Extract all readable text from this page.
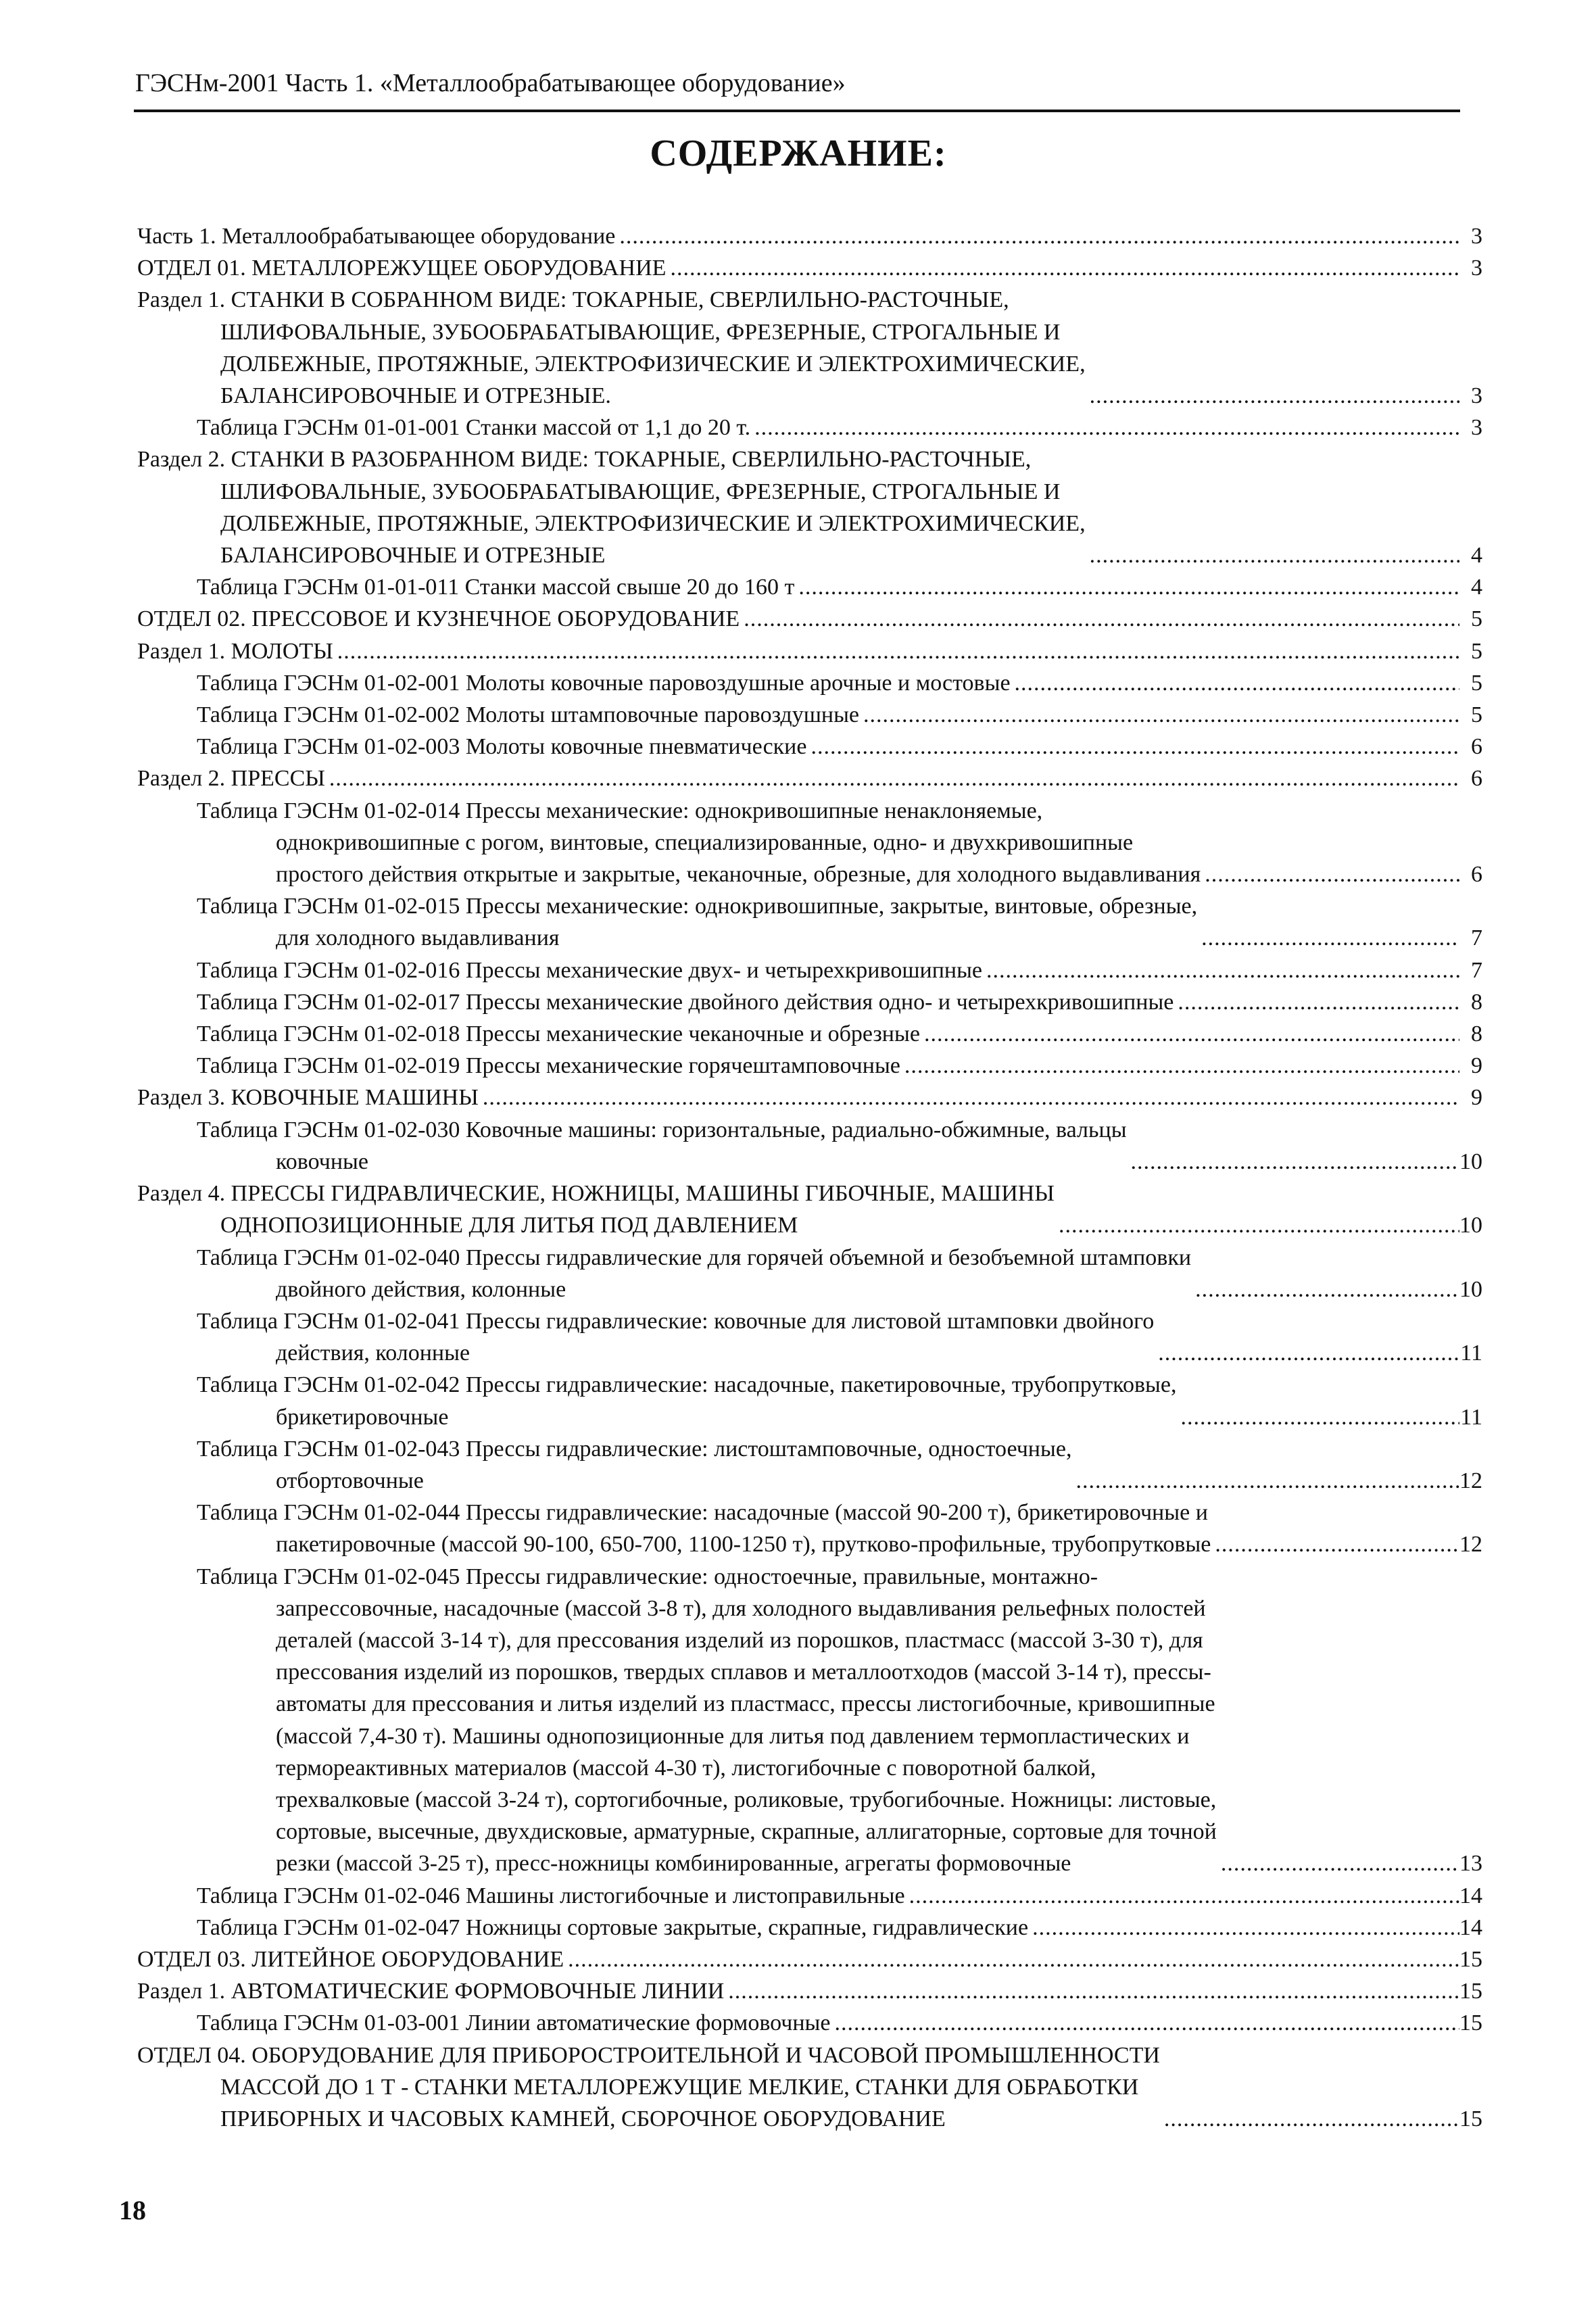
ГЭСНм-2001 Часть 1. «Металлообрабатывающее оборудование»
СОДЕРЖАНИЕ:
Часть 1. Металлообрабатывающее оборудование .....	3
ОТДЕЛ 01. МЕТАЛЛОРЕЖУЩЕЕ ОБОРУДОВАНИЕ .....	3
Раздел 1. СТАНКИ В СОБРАННОМ ВИДЕ: ТОКАРНЫЕ, СВЕРЛИЛЬНО-РАСТОЧНЫЕ,
ШЛИФОВАЛЬНЫЕ, ЗУБООБРАБАТЫВАЮЩИЕ, ФРЕЗЕРНЫЕ, СТРОГАЛЬНЫЕ И
ДОЛБЕЖНЫЕ, ПРОТЯЖНЫЕ, ЭЛЕКТРОФИЗИЧЕСКИЕ И ЭЛЕКТРОХИМИЧЕСКИЕ,
БАЛАНСИРОВОЧНЫЕ И ОТРЕЗНЫЕ. .....	3
Таблица ГЭСНм 01-01-001 Станки массой от 1,1 до 20 т. .....	3
Раздел 2. СТАНКИ В РАЗОБРАННОМ ВИДЕ: ТОКАРНЫЕ, СВЕРЛИЛЬНО-РАСТОЧНЫЕ,
ШЛИФОВАЛЬНЫЕ, ЗУБООБРАБАТЫВАЮЩИЕ, ФРЕЗЕРНЫЕ, СТРОГАЛЬНЫЕ И
ДОЛБЕЖНЫЕ, ПРОТЯЖНЫЕ, ЭЛЕКТРОФИЗИЧЕСКИЕ И ЭЛЕКТРОХИМИЧЕСКИЕ,
БАЛАНСИРОВОЧНЫЕ И ОТРЕЗНЫЕ .....	4
Таблица ГЭСНм 01-01-011 Станки массой свыше 20 до 160 т .....	4
ОТДЕЛ 02. ПРЕССОВОЕ И КУЗНЕЧНОЕ ОБОРУДОВАНИЕ .....	5
Раздел 1. МОЛОТЫ .....	5
Таблица ГЭСНм 01-02-001 Молоты ковочные паровоздушные арочные и мостовые .....	5
Таблица ГЭСНм 01-02-002 Молоты штамповочные паровоздушные .....	5
Таблица ГЭСНм 01-02-003 Молоты ковочные пневматические .....	6
Раздел 2. ПРЕССЫ .....	6
Таблица ГЭСНм 01-02-014 Прессы механические: однокривошипные ненаклоняемые,
однокривошипные с рогом, винтовые, специализированные, одно- и двухкривошипные
простого действия открытые и закрытые, чеканочные, обрезные, для холодного выдавливания .....	6
Таблица ГЭСНм 01-02-015 Прессы механические: однокривошипные, закрытые, винтовые, обрезные,
для холодного выдавливания .....	7
Таблица ГЭСНм 01-02-016 Прессы механические двух- и четырехкривошипные .....	7
Таблица ГЭСНм 01-02-017 Прессы механические двойного действия одно- и четырехкривошипные .....	8
Таблица ГЭСНм 01-02-018 Прессы механические чеканочные и обрезные .....	8
Таблица ГЭСНм 01-02-019 Прессы механические горячештамповочные .....	9
Раздел 3. КОВОЧНЫЕ МАШИНЫ .....	9
Таблица ГЭСНм 01-02-030 Ковочные машины: горизонтальные, радиально-обжимные, вальцы
ковочные .....	10
Раздел 4. ПРЕССЫ ГИДРАВЛИЧЕСКИЕ, НОЖНИЦЫ, МАШИНЫ ГИБОЧНЫЕ, МАШИНЫ
ОДНОПОЗИЦИОННЫЕ ДЛЯ ЛИТЬЯ ПОД ДАВЛЕНИЕМ .....	10
Таблица ГЭСНм 01-02-040 Прессы гидравлические для горячей объемной и безобъемной штамповки
двойного действия, колонные .....	10
Таблица ГЭСНм 01-02-041 Прессы гидравлические: ковочные для листовой штамповки двойного
действия, колонные .....	11
Таблица ГЭСНм 01-02-042 Прессы гидравлические: насадочные, пакетировочные, трубопрутковые,
брикетировочные .....	11
Таблица ГЭСНм 01-02-043 Прессы гидравлические: листоштамповочные, одностоечные,
отбортовочные .....	12
Таблица ГЭСНм 01-02-044 Прессы гидравлические: насадочные (массой 90-200 т), брикетировочные и
пакетировочные (массой 90-100, 650-700, 1100-1250 т), прутково-профильные, трубопрутковые .....	12
Таблица ГЭСНм 01-02-045 Прессы гидравлические: одностоечные, правильные, монтажно-
запрессовочные, насадочные (массой 3-8 т), для холодного выдавливания рельефных полостей
деталей (массой 3-14 т), для прессования изделий из порошков, пластмасс (массой 3-30 т), для
прессования изделий из порошков, твердых сплавов и металлоотходов (массой 3-14 т), прессы-
автоматы для прессования и литья изделий из пластмасс, прессы листогибочные, кривошипные
(массой 7,4-30 т). Машины однопозиционные для литья под давлением термопластических и
термореактивных материалов (массой 4-30 т), листогибочные с поворотной балкой,
трехвалковые (массой 3-24 т), сортогибочные, роликовые, трубогибочные. Ножницы: листовые,
сортовые, высечные, двухдисковые, арматурные, скрапные, аллигаторные, сортовые для точной
резки (массой 3-25 т), пресс-ножницы комбинированные, агрегаты формовочные .....	13
Таблица ГЭСНм 01-02-046 Машины листогибочные и листоправильные .....	14
Таблица ГЭСНм 01-02-047 Ножницы сортовые закрытые, скрапные, гидравлические .....	14
ОТДЕЛ 03. ЛИТЕЙНОЕ ОБОРУДОВАНИЕ .....	15
Раздел 1. АВТОМАТИЧЕСКИЕ ФОРМОВОЧНЫЕ ЛИНИИ .....	15
Таблица ГЭСНм 01-03-001 Линии автоматические формовочные .....	15
ОТДЕЛ 04. ОБОРУДОВАНИЕ ДЛЯ ПРИБОРОСТРОИТЕЛЬНОЙ И ЧАСОВОЙ ПРОМЫШЛЕННОСТИ
МАССОЙ ДО 1 Т - СТАНКИ МЕТАЛЛОРЕЖУЩИЕ МЕЛКИЕ, СТАНКИ ДЛЯ ОБРАБОТКИ
ПРИБОРНЫХ И ЧАСОВЫХ КАМНЕЙ, СБОРОЧНОЕ ОБОРУДОВАНИЕ .....	15
18
